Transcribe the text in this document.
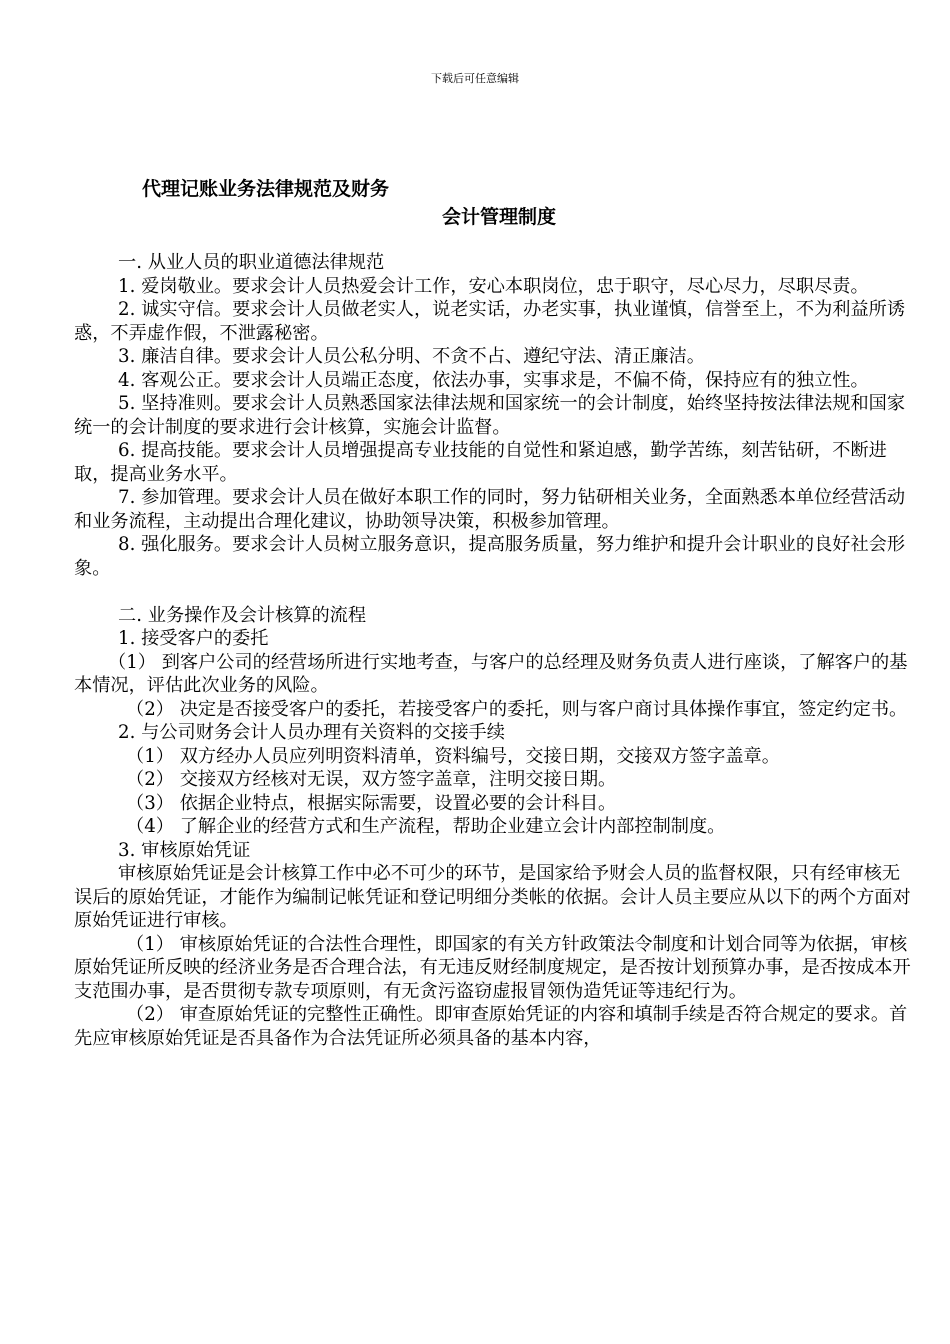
下载后可任意编辑
代理记账业务法律规范及财务
会计管理制度

一. 从业人员的职业道德法律规范

1. 爱岗敬业。要求会计人员热爱会计工作，安心本职岗位，忠于职守，尽心尽力，尽职尽责。

2. 诚实守信。要求会计人员做老实人，说老实话，办老实事，执业谨慎，信誉至上，不为利益所诱惑，不弄虚作假，不泄露秘密。

3. 廉洁自律。要求会计人员公私分明、不贪不占、遵纪守法、清正廉洁。

4. 客观公正。要求会计人员端正态度，依法办事，实事求是，不偏不倚，保持应有的独立性。

5. 坚持准则。要求会计人员熟悉国家法律法规和国家统一的会计制度，始终坚持按法律法规和国家统一的会计制度的要求进行会计核算，实施会计监督。

6. 提高技能。要求会计人员增强提高专业技能的自觉性和紧迫感，勤学苦练，刻苦钻研，不断进取，提高业务水平。

7. 参加管理。要求会计人员在做好本职工作的同时，努力钻研相关业务，全面熟悉本单位经营活动和业务流程，主动提出合理化建议，协助领导决策，积极参加管理。

8. 强化服务。要求会计人员树立服务意识，提高服务质量，努力维护和提升会计职业的良好社会形象。

二. 业务操作及会计核算的流程

1. 接受客户的委托

（1） 到客户公司的经营场所进行实地考查，与客户的总经理及财务负责人进行座谈，了解客户的基本情况，评估此次业务的风险。

（2） 决定是否接受客户的委托，若接受客户的委托，则与客户商讨具体操作事宜，签定约定书。

2. 与公司财务会计人员办理有关资料的交接手续

（1） 双方经办人员应列明资料清单，资料编号，交接日期，交接双方签字盖章。

（2） 交接双方经核对无误，双方签字盖章，注明交接日期。

（3） 依据企业特点，根据实际需要，设置必要的会计科目。

（4） 了解企业的经营方式和生产流程，帮助企业建立会计内部控制制度。

3. 审核原始凭证

审核原始凭证是会计核算工作中必不可少的环节，是国家给予财会人员的监督权限，只有经审核无误后的原始凭证，才能作为编制记帐凭证和登记明细分类帐的依据。会计人员主要应从以下的两个方面对原始凭证进行审核。

（1） 审核原始凭证的合法性合理性，即国家的有关方针政策法令制度和计划合同等为依据，审核原始凭证所反映的经济业务是否合理合法，有无违反财经制度规定，是否按计划预算办事，是否按成本开支范围办事，是否贯彻专款专项原则，有无贪污盗窃虚报冒领伪造凭证等违纪行为。

（2） 审查原始凭证的完整性正确性。即审查原始凭证的内容和填制手续是否符合规定的要求。首先应审核原始凭证是否具备作为合法凭证所必须具备的基本内容，
